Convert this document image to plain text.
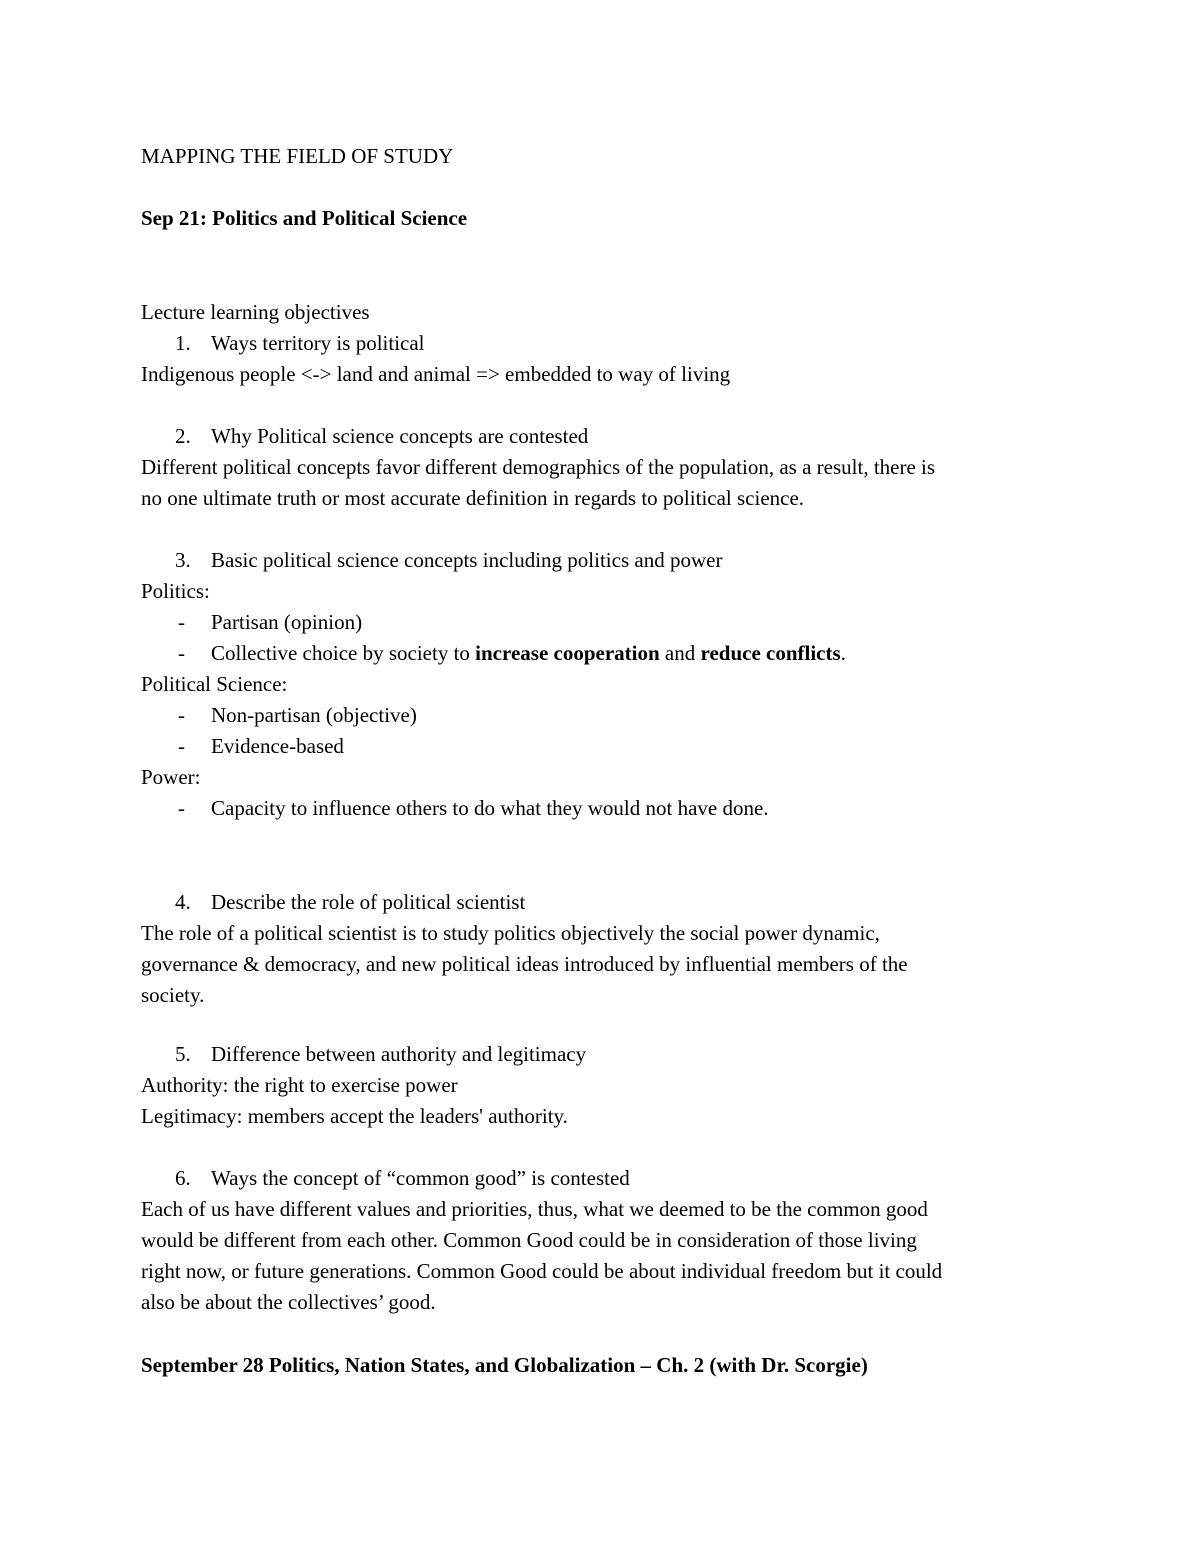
MAPPING THE FIELD OF STUDY
Sep 21: Politics and Political Science
Lecture learning objectives
1. Ways territory is political
Indigenous people <-> land and animal => embedded to way of living
2. Why Political science concepts are contested
Different political concepts favor different demographics of the population, as a result, there is
no one ultimate truth or most accurate definition in regards to political science.
3. Basic political science concepts including politics and power
Politics:
- Partisan (opinion)
- Collective choice by society to increase cooperation and reduce conflicts.
Political Science:
- Non-partisan (objective)
- Evidence-based
Power:
- Capacity to influence others to do what they would not have done.
4. Describe the role of political scientist
The role of a political scientist is to study politics objectively the social power dynamic,
governance & democracy, and new political ideas introduced by influential members of the
society.
5. Difference between authority and legitimacy
Authority: the right to exercise power
Legitimacy: members accept the leaders' authority.
6. Ways the concept of “common good” is contested
Each of us have different values and priorities, thus, what we deemed to be the common good
would be different from each other. Common Good could be in consideration of those living
right now, or future generations. Common Good could be about individual freedom but it could
also be about the collectives’ good.
September 28 Politics, Nation States, and Globalization – Ch. 2 (with Dr. Scorgie)
